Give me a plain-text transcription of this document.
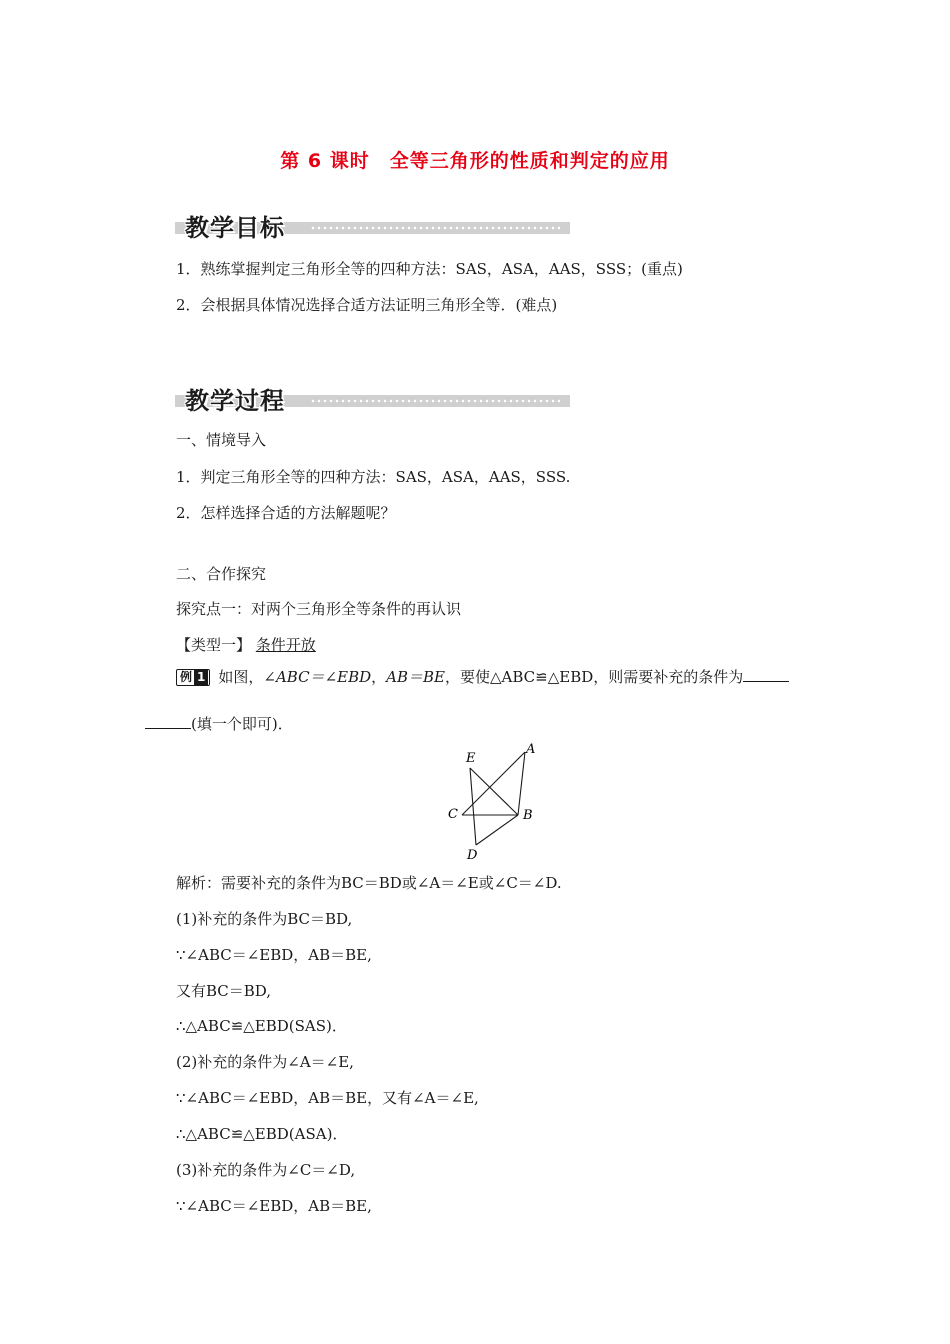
第 6 课时　全等三角形的性质和判定的应用
教学目标
1．熟练掌握判定三角形全等的四种方法：SAS，ASA，AAS，SSS；(重点)
2．会根据具体情况选择合适方法证明三角形全等．(难点)
教学过程
一、情境导入
1．判定三角形全等的四种方法：SAS，ASA，AAS，SSS.
2．怎样选择合适的方法解题呢？
二、合作探究
探究点一：对两个三角形全等条件的再认识
【类型一】 条件开放
例 1 如图，∠ABC＝∠EBD，AB＝BE，要使△ABC≌△EBD，则需要补充的条件为
(填一个即可)．
E
A
C	B
D
解析：需要补充的条件为BC＝BD或∠A＝∠E或∠C＝∠D.
(1)补充的条件为BC＝BD,
∵∠ABC＝∠EBD，AB＝BE,
又有BC＝BD,
∴△ABC≌△EBD(SAS)．
(2)补充的条件为∠A＝∠E,
∵∠ABC＝∠EBD，AB＝BE，又有∠A＝∠E,
∴△ABC≌△EBD(ASA)．
(3)补充的条件为∠C＝∠D,
∵∠ABC＝∠EBD，AB＝BE,
